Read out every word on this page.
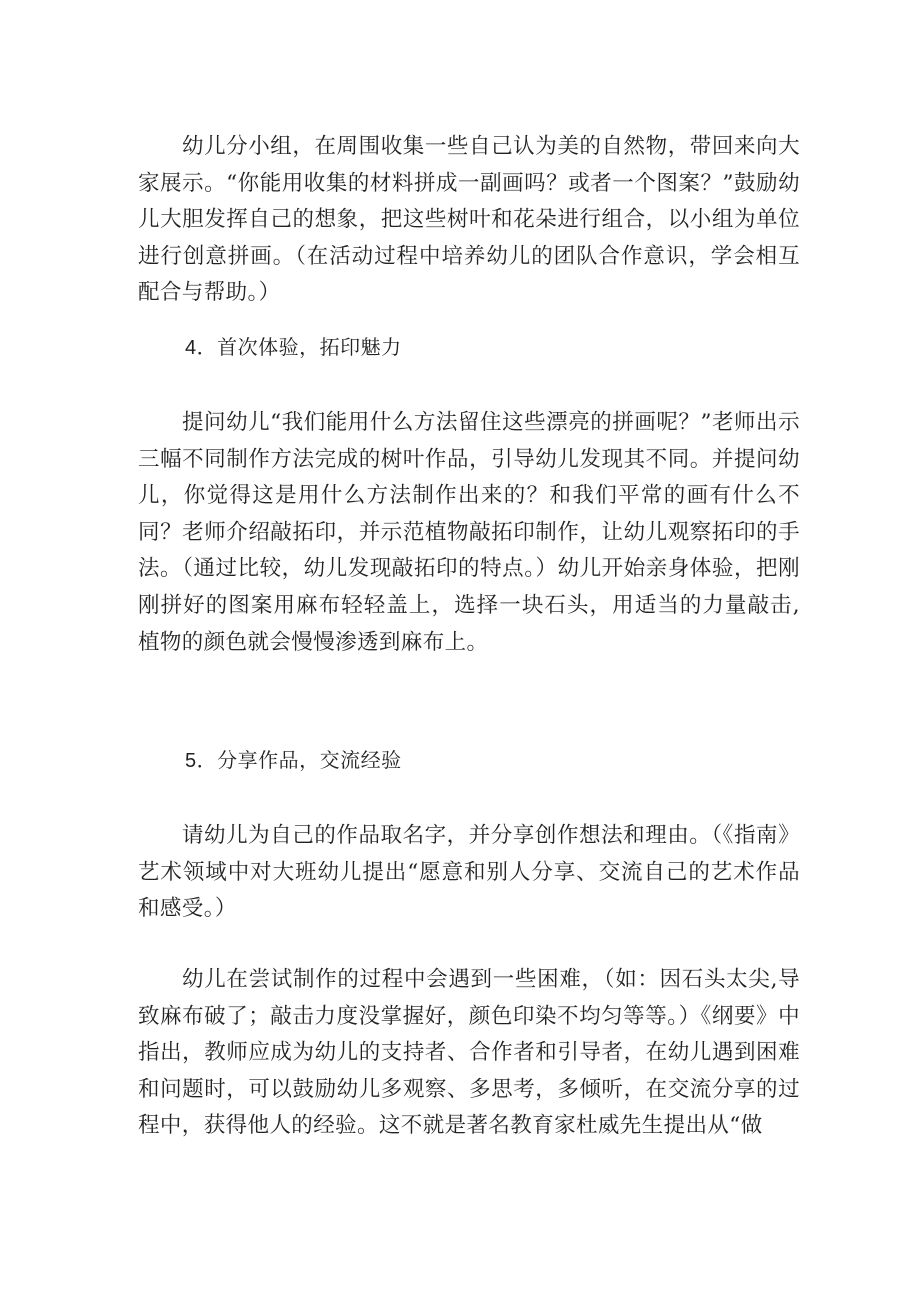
幼儿分小组，在周围收集一些自己认为美的自然物，带回来向大家展示。“你能用收集的材料拼成一副画吗？或者一个图案？”鼓励幼儿大胆发挥自己的想象，把这些树叶和花朵进行组合，以小组为单位进行创意拼画。（在活动过程中培养幼儿的团队合作意识，学会相互配合与帮助。）

4．首次体验，拓印魅力

提问幼儿“我们能用什么方法留住这些漂亮的拼画呢？”老师出示三幅不同制作方法完成的树叶作品，引导幼儿发现其不同。并提问幼儿，你觉得这是用什么方法制作出来的？和我们平常的画有什么不同？老师介绍敲拓印，并示范植物敲拓印制作，让幼儿观察拓印的手法。（通过比较，幼儿发现敲拓印的特点。）幼儿开始亲身体验，把刚刚拼好的图案用麻布轻轻盖上，选择一块石头，用适当的力量敲击,植物的颜色就会慢慢渗透到麻布上。

5．分享作品，交流经验

请幼儿为自己的作品取名字，并分享创作想法和理由。（《指南》艺术领域中对大班幼儿提出“愿意和别人分享、交流自己的艺术作品和感受。）

幼儿在尝试制作的过程中会遇到一些困难，（如：因石头太尖,导致麻布破了；敲击力度没掌握好，颜色印染不均匀等等。）《纲要》中指出，教师应成为幼儿的支持者、合作者和引导者，在幼儿遇到困难和问题时，可以鼓励幼儿多观察、多思考，多倾听，在交流分享的过程中，获得他人的经验。这不就是著名教育家杜威先生提出从“做
